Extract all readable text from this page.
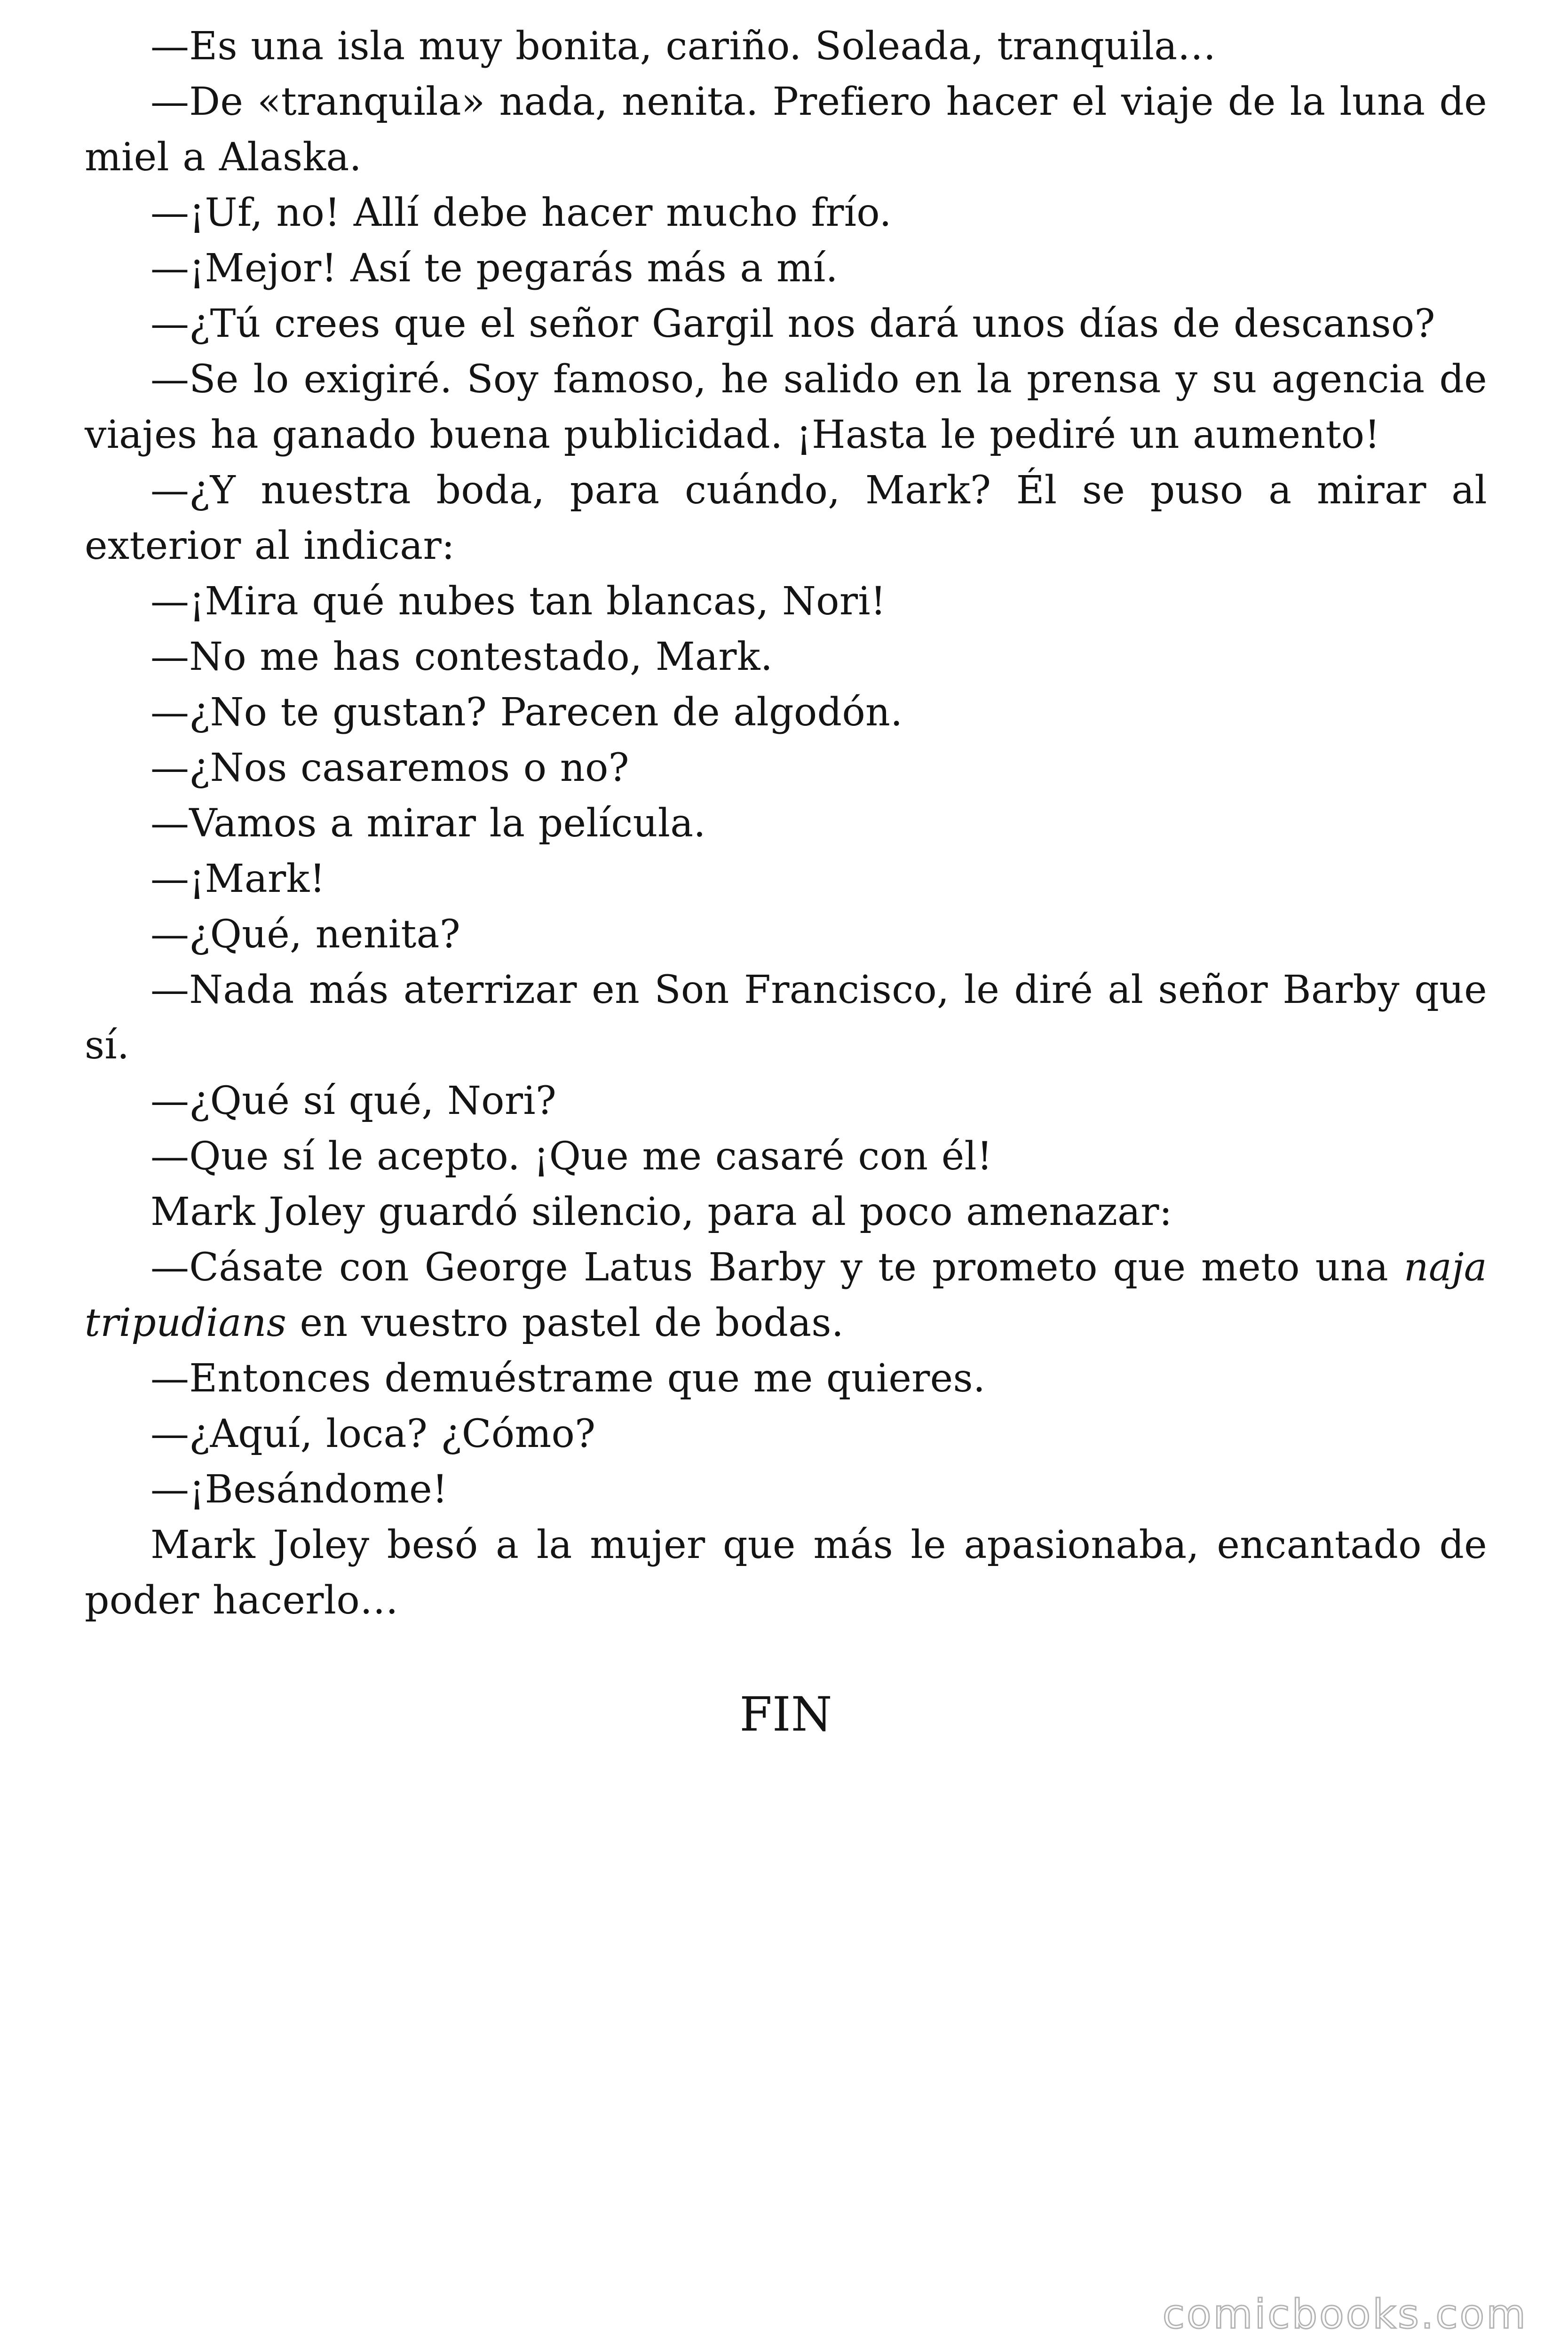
—Es una isla muy bonita, cariño. Soleada, tranquila…

—De «tranquila» nada, nenita. Prefiero hacer el viaje de la luna de miel a Alaska.

—¡Uf, no! Allí debe hacer mucho frío.

—¡Mejor! Así te pegarás más a mí.

—¿Tú crees que el señor Gargil nos dará unos días de descanso?

—Se lo exigiré. Soy famoso, he salido en la prensa y su agencia de viajes ha ganado buena publicidad. ¡Hasta le pediré un aumento!

—¿Y nuestra boda, para cuándo, Mark? Él se puso a mirar al exterior al indicar:

—¡Mira qué nubes tan blancas, Nori!

—No me has contestado, Mark.

—¿No te gustan? Parecen de algodón.

—¿Nos casaremos o no?

—Vamos a mirar la película.

—¡Mark!

—¿Qué, nenita?

—Nada más aterrizar en Son Francisco, le diré al señor Barby que sí.

—¿Qué sí qué, Nori?

—Que sí le acepto. ¡Que me casaré con él!

Mark Joley guardó silencio, para al poco amenazar:

—Cásate con George Latus Barby y te prometo que meto una naja tripudians en vuestro pastel de bodas.

—Entonces demuéstrame que me quieres.

—¿Aquí, loca? ¿Cómo?

—¡Besándome!

Mark Joley besó a la mujer que más le apasionaba, encantado de poder hacerlo…

FIN
comicbooks.com
